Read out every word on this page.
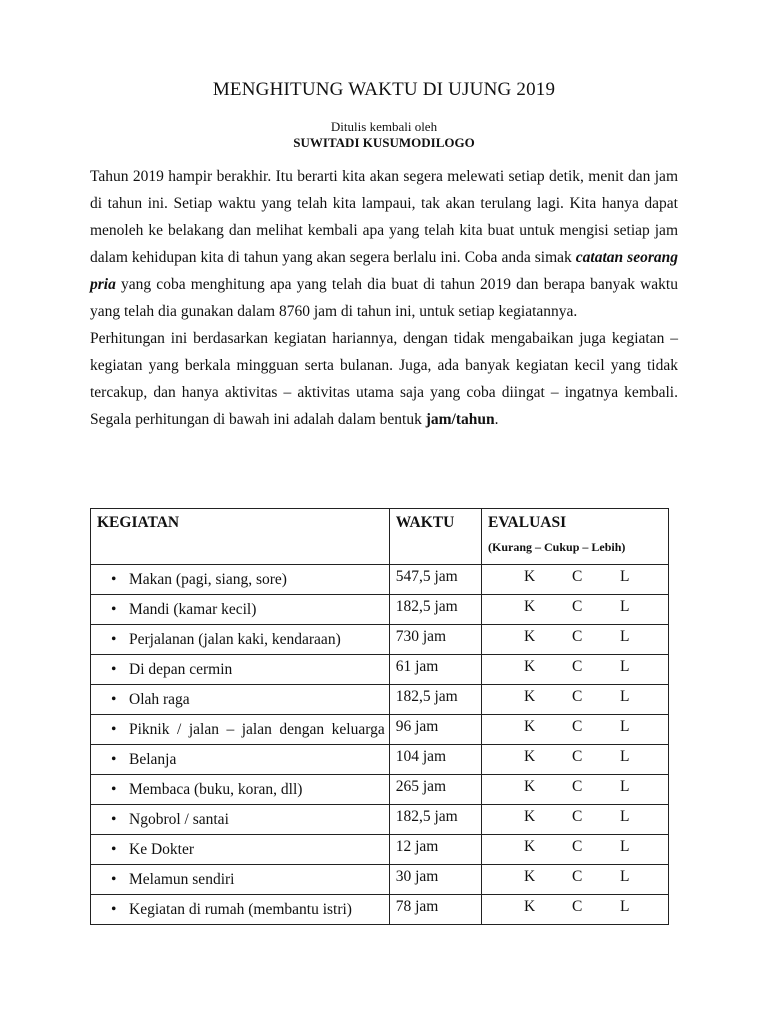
MENGHITUNG WAKTU DI UJUNG 2019
Ditulis kembali oleh
SUWITADI KUSUMODILOGO

Tahun 2019 hampir berakhir. Itu berarti kita akan segera melewati setiap detik, menit dan jam di tahun ini. Setiap waktu yang telah kita lampaui, tak akan terulang lagi. Kita hanya dapat menoleh ke belakang dan melihat kembali apa yang telah kita buat untuk mengisi setiap jam dalam kehidupan kita di tahun yang akan segera berlalu ini. Coba anda simak catatan seorang pria yang coba menghitung apa yang telah dia buat di tahun 2019 dan berapa banyak waktu yang telah dia gunakan dalam 8760 jam di tahun ini, untuk setiap kegiatannya.

Perhitungan ini berdasarkan kegiatan hariannya, dengan tidak mengabaikan juga kegiatan – kegiatan yang berkala mingguan serta bulanan. Juga, ada banyak kegiatan kecil yang tidak tercakup, dan hanya aktivitas – aktivitas utama saja yang coba diingat – ingatnya kembali. Segala perhitungan di bawah ini adalah dalam bentuk jam/tahun.

KEGIATAN	WAKTU	EVALUASI
(Kurang – Cukup – Lebih)

• Makan (pagi, siang, sore)	547,5 jam	K C L

• Mandi (kamar kecil)	182,5 jam	K C L

• Perjalanan (jalan kaki, kendaraan)	730 jam	K C L

• Di depan cermin	61 jam	K C L

• Olah raga	182,5 jam	K C L

• Piknik / jalan – jalan dengan keluarga	96 jam	K C L

• Belanja	104 jam	K C L

• Membaca (buku, koran, dll)	265 jam	K C L

• Ngobrol / santai	182,5 jam	K C L

• Ke Dokter	12 jam	K C L

• Melamun sendiri	30 jam	K C L

• Kegiatan di rumah (membantu istri)	78 jam	K C L
